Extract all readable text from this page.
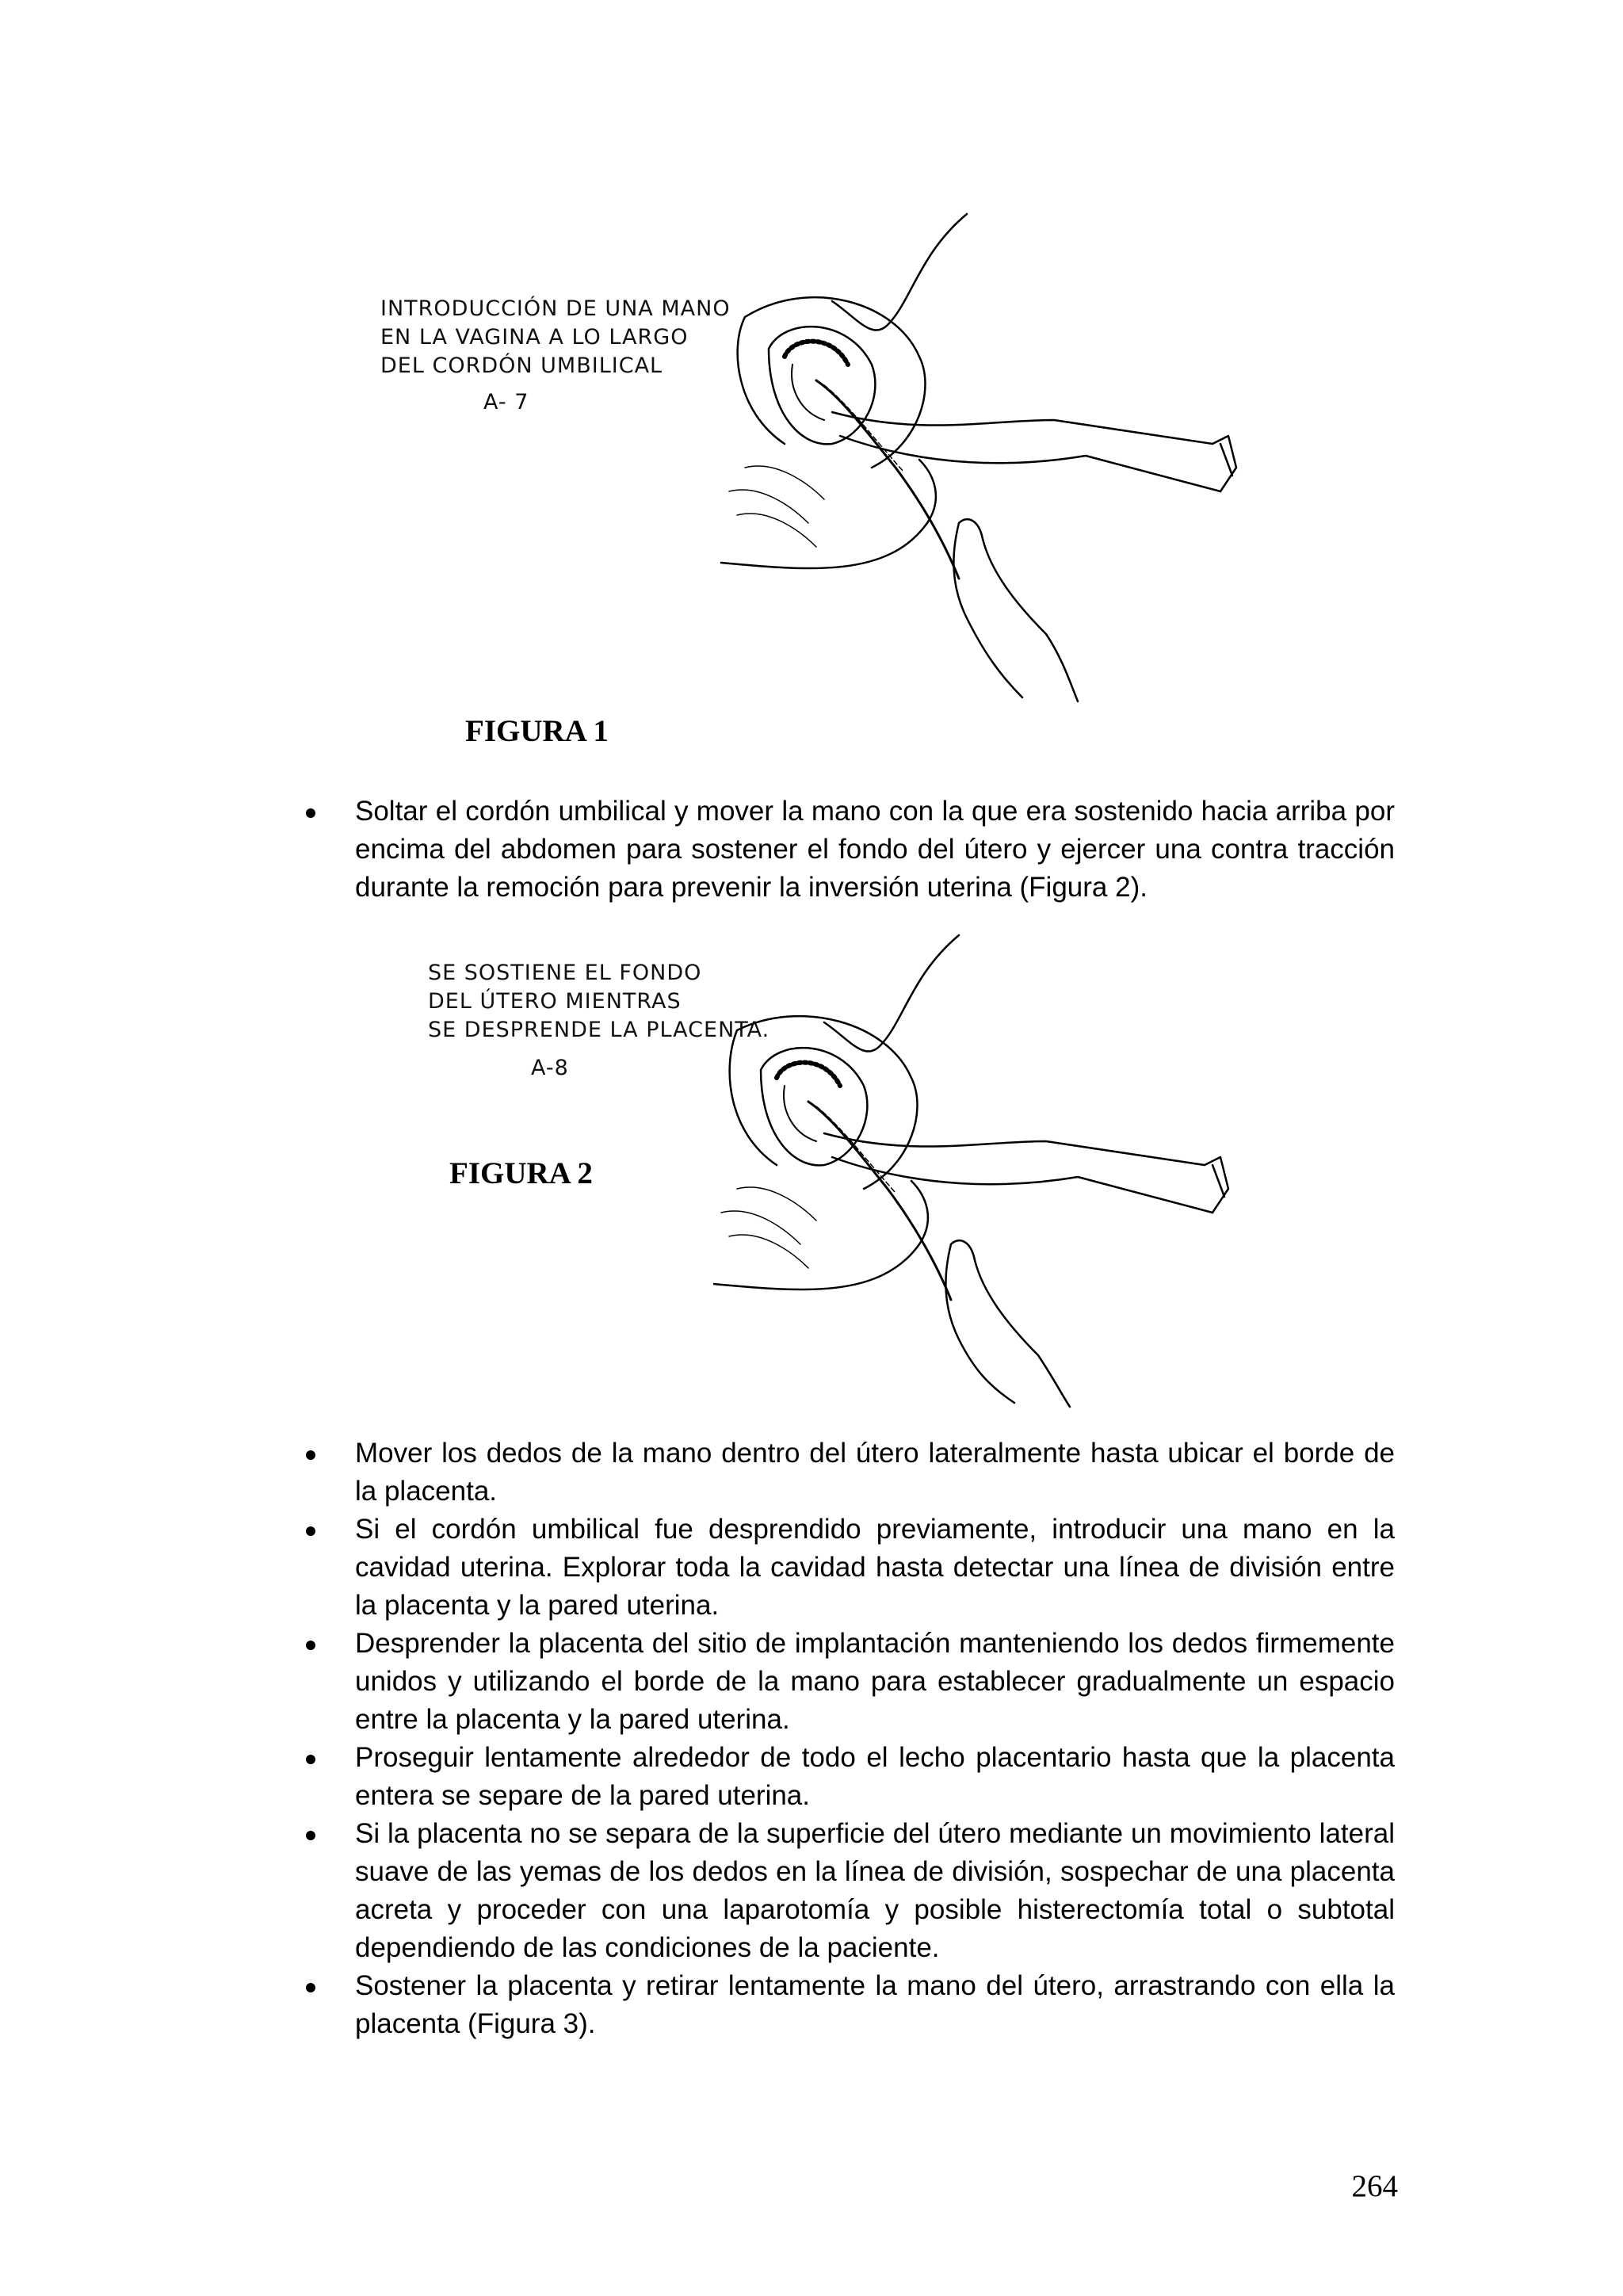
INTRODUCCIÓN DE UNA MANO
EN LA VAGINA A LO LARGO
DEL CORDÓN UMBILICAL
A- 7
FIGURA 1
Soltar el cordón umbilical y mover la mano con la que era sostenido hacia arriba por encima del abdomen para sostener el fondo del útero y ejercer una contra tracción durante la remoción para prevenir la inversión uterina (Figura 2).
SE SOSTIENE EL FONDO
DEL ÚTERO MIENTRAS
SE DESPRENDE LA PLACENTA.
A-8
FIGURA 2
Mover los dedos de la mano dentro del útero lateralmente hasta ubicar el borde de la placenta.
Si el cordón umbilical fue desprendido previamente, introducir una mano en la cavidad uterina. Explorar toda la cavidad hasta detectar una línea de división entre la placenta y la pared uterina.
Desprender la placenta del sitio de implantación manteniendo los dedos firmemente unidos y utilizando el borde de la mano para establecer gradualmente un espacio entre la placenta y la pared uterina.
Proseguir lentamente alrededor de todo el lecho placentario hasta que la placenta entera se separe de la pared uterina.
Si la placenta no se separa de la superficie del útero mediante un movimiento lateral suave de las yemas de los dedos en la línea de división, sospechar de una placenta acreta y proceder con una laparotomía y posible histerectomía total o subtotal dependiendo de las condiciones de la paciente.
Sostener la placenta y retirar lentamente la mano del útero, arrastrando con ella la placenta (Figura 3).
264
